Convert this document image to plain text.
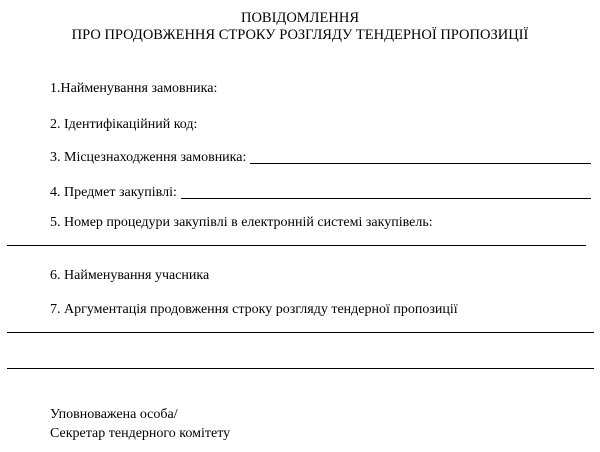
ПОВІДОМЛЕННЯ
ПРО ПРОДОВЖЕННЯ СТРОКУ РОЗГЛЯДУ ТЕНДЕРНОЇ ПРОПОЗИЦІЇ
1.Найменування замовника:
2. Ідентифікаційний код:
3. Місцезнаходження замовника:
4. Предмет закупівлі:
5. Номер процедури закупівлі в електронній системі закупівель:
6. Найменування учасника
7. Аргументація продовження строку розгляду тендерної пропозиції
Уповноважена особа/
Секретар тендерного комітету
